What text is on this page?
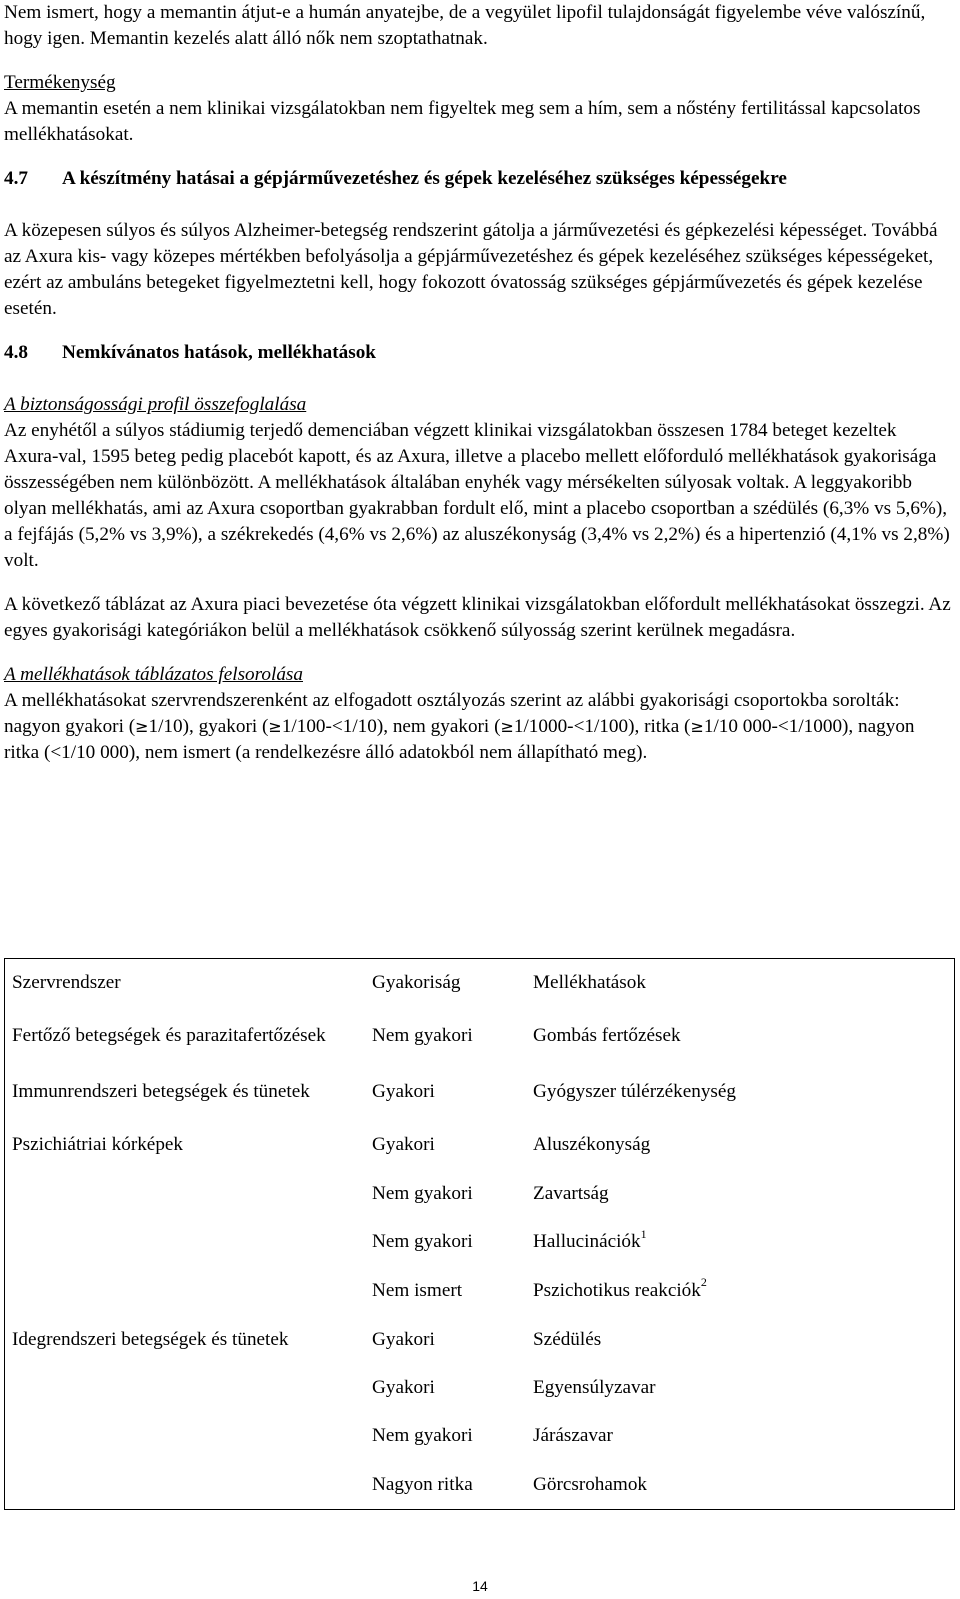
Nem ismert, hogy a memantin átjut-e a humán anyatejbe, de a vegyület lipofil tulajdonságát figyelembe véve valószínű, hogy igen. Memantin kezelés alatt álló nők nem szoptathatnak.

Termékenység

A memantin esetén a nem klinikai vizsgálatokban nem figyeltek meg sem a hím, sem a nőstény fertilitással kapcsolatos mellékhatásokat.

4.7	A készítmény hatásai a gépjárművezetéshez és gépek kezeléséhez szükséges képességekre

A közepesen súlyos és súlyos Alzheimer-betegség rendszerint gátolja a járművezetési és gépkezelési képességet. Továbbá az Axura kis- vagy közepes mértékben befolyásolja a gépjárművezetéshez és gépek kezeléséhez szükséges képességeket, ezért az ambuláns betegeket figyelmeztetni kell, hogy fokozott óvatosság szükséges gépjárművezetés és gépek kezelése esetén.

4.8	Nemkívánatos hatások, mellékhatások

A biztonságossági profil összefoglalása

Az enyhétől a súlyos stádiumig terjedő demenciában végzett klinikai vizsgálatokban összesen 1784 beteget kezeltek Axura-val, 1595 beteg pedig placebót kapott, és az Axura, illetve a placebo mellett előforduló mellékhatások gyakorisága összességében nem különbözött. A mellékhatások általában enyhék vagy mérsékelten súlyosak voltak. A leggyakoribb olyan mellékhatás, ami az Axura csoportban gyakrabban fordult elő, mint a placebo csoportban a szédülés (6,3% vs 5,6%), a fejfájás (5,2% vs 3,9%), a székrekedés (4,6% vs 2,6%) az aluszékonyság (3,4% vs 2,2%) és a hipertenzió (4,1% vs 2,8%) volt.

A következő táblázat az Axura piaci bevezetése óta végzett klinikai vizsgálatokban előfordult mellékhatásokat összegzi. Az egyes gyakorisági kategóriákon belül a mellékhatások csökkenő súlyosság szerint kerülnek megadásra.

A mellékhatások táblázatos felsorolása

A mellékhatásokat szervrendszerenként az elfogadott osztályozás szerint az alábbi gyakorisági csoportokba sorolták: nagyon gyakori (≥1/10), gyakori (≥1/100-<1/10), nem gyakori (≥1/1000-<1/100), ritka (≥1/10 000-<1/1000), nagyon ritka (<1/10 000), nem ismert (a rendelkezésre álló adatokból nem állapítható meg).

Szervrendszer	Gyakoriság	Mellékhatások
Fertőző betegségek és parazitafertőzések	Nem gyakori	Gombás fertőzések
Immunrendszeri betegségek és tünetek	Gyakori	Gyógyszer túlérzékenység
Pszichiátriai kórképek	Gyakori	Aluszékonyság
	Nem gyakori	Zavartság
	Nem gyakori	Hallucinációk$^1$
	Nem ismert	Pszichotikus reakciók$^2$
Idegrendszeri betegségek és tünetek	Gyakori	Szédülés
	Gyakori	Egyensúlyzavar
	Nem gyakori	Járászavar
	Nagyon ritka	Görcsrohamok
14
